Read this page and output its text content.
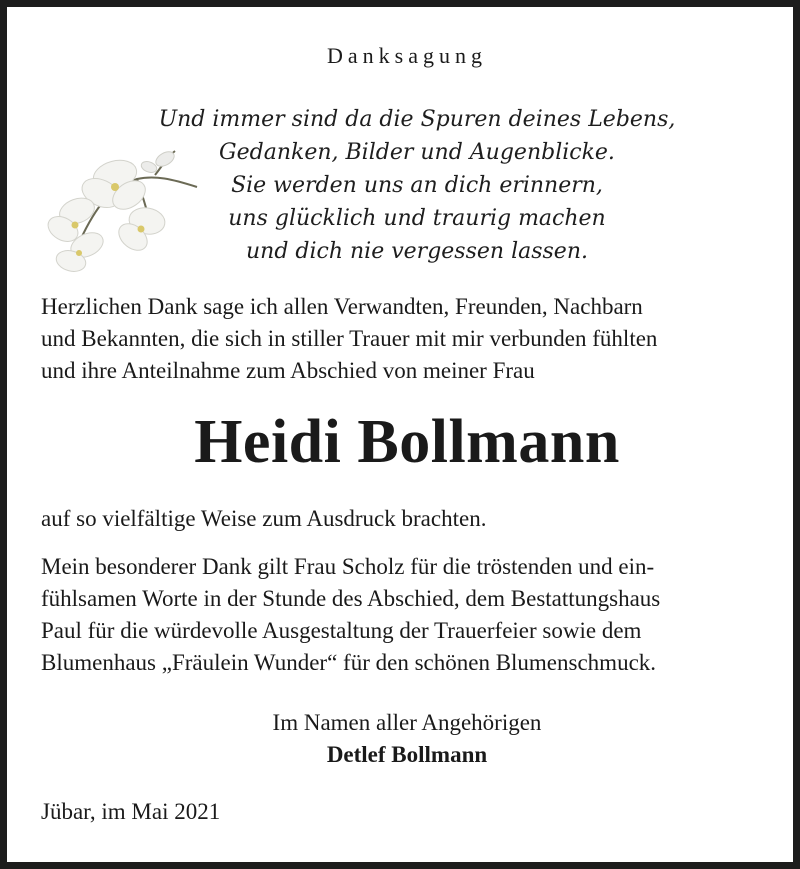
Danksagung
Und immer sind da die Spuren deines Lebens,
Gedanken, Bilder und Augenblicke.
Sie werden uns an dich erinnern,
uns glücklich und traurig machen
und dich nie vergessen lassen.
Herzlichen Dank sage ich allen Verwandten, Freunden, Nachbarn
und Bekannten, die sich in stiller Trauer mit mir verbunden fühlten
und ihre Anteilnahme zum Abschied von meiner Frau
Heidi Bollmann
auf so vielfältige Weise zum Ausdruck brachten.
Mein besonderer Dank gilt Frau Scholz für die tröstenden und ein-
fühlsamen Worte in der Stunde des Abschied, dem Bestattungshaus
Paul für die würdevolle Ausgestaltung der Trauerfeier sowie dem
Blumenhaus „Fräulein Wunder“ für den schönen Blumenschmuck.
Im Namen aller Angehörigen
Detlef Bollmann
Jübar, im Mai 2021
